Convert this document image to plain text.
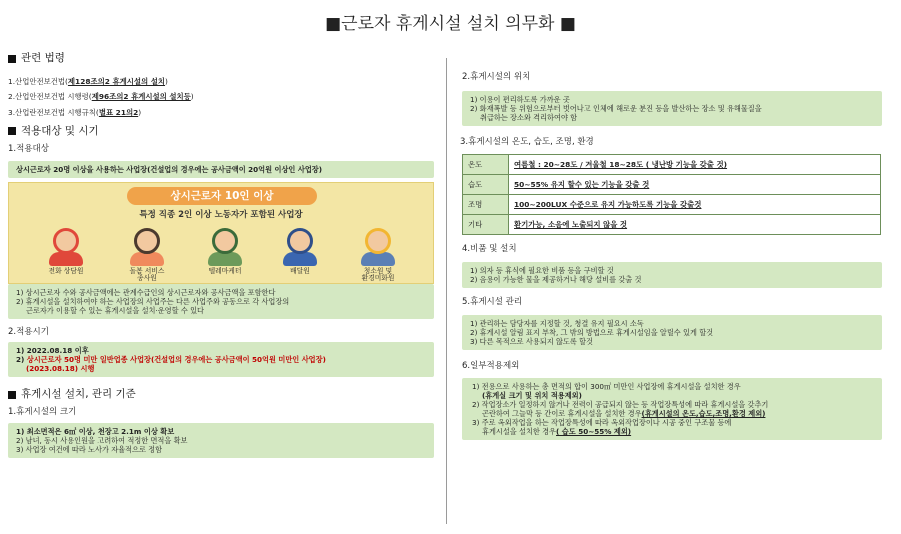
■근로자 휴게시설 설치 의무화 ■
관련 법령
1.산업안전보건법(제128조의2 휴게시설의 설치)
2.산업안전보건법 시행령(제96조의2 휴게시설의 설치등)
3.산업란전보건법 시행규칙(별표 21의2)
적용대상 및 시기
1.적용대상
상시근로자 20명 이상을 사용하는 사업장(건설업의 경우에는 공사금액이 20억원 이상인 사업장)
상시근로자 10인 이상
특정 직종 2인 이상 노동자가 포함된 사업장
전화 상담원	돌봄 서비스
종사원
텔레마케터	배달원	청소원 및
환경미화원
1) 상시근로자 수와 공사금액에는 관계수급인의 상시근로자와 공사금액을 포함한다
2) 휴게시설을 설치하여야 하는 사업장의 사업주는 다른 사업주와 공동으로 각 사업장의
근로자가 이용할 수 있는 휴게시설을 설치·운영할 수 있다
2.적용시기
1) 2022.08.18 이후
2) 상시근로자 50명 미만 일반업종 사업장(건설업의 경우에는 공사금액이 50억원 미만인 사업장)
(2023.08.18) 시행
휴게시설 설치, 관리 기준
1.휴게시설의 크기
1) 최소면적은 6㎡ 이상, 천장고 2.1m 이상 확보
2) 남녀, 동시 사용인원을 고려하여 적정한 면적을 확보
3) 사업장 여건에 따라 노사가 자율적으로 정함
2.휴게시설의 위치
1) 이용이 편리하도록 가까운 곳
2) 화재폭발 등 위험으로부터 벗어나고 인체에 해로운 분진 등을 발산하는 장소 및 유해물질을
취급하는 장소와 격리하여야 함
3.휴게시설의 온도, 습도, 조명, 환경
온도	여름철 : 20~28도 / 겨울철 18~28도 ( 냉난방 기능을 갖출 것)
습도	50~55% 유지 할수 있는 기능을 갖출 것
조명	100~200LUX 수준으로 유지 가능하도록 기능을 갖출것
기타	환기가능, 소음에 노출되지 않을 것
4.비품 및 설치
1) 의자 등 휴식에 필요한 비품 등을 구비할 것
2) 음용이 가능한 물을 제공하거나 해당 설비를 갖출 것
5.휴게시설 관리
1) 관리하는 담당자를 지정할 것, 청결 유지 필요시 소독
2) 휴게시설 알림 표지 부착, 그 밖의 방법으로 휴게시설임을 알릴수 있게 할것
3) 다른 목적으로 사용되지 않도록 할것
6.일부적용제외
1) 전용으로 사용하는 총 면적의 합이 300㎡ 미만인 사업장에 휴게시설을 설치한 경우
(휴게실 크기 및 위치 적용제외)
2) 작업장소가 일정하지 않거나 전력이 공급되지 않는 등 작업장특성에 따라 휴게시설을 갖추기
곤란하여 그늘막 등 간이로 휴게시설을 설치한 경우(휴게시설의 온도,습도,조명,환경 제외)
3) 주로 옥외작업을 하는 작업장특성에 따라 옥외작업장이나 시공 중인 구조물 등에
휴게시설을 설치한 경우( 습도 50~55% 제외)
